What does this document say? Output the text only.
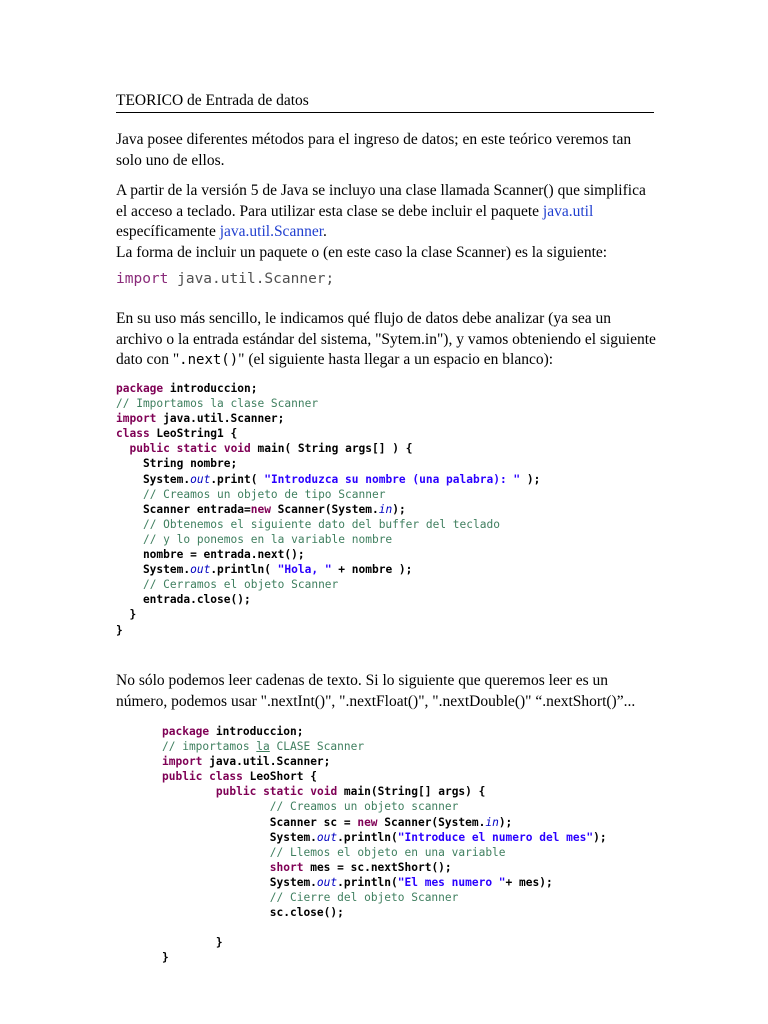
TEORICO de Entrada de datos
Java posee diferentes métodos para el ingreso de datos; en este teórico veremos tan solo uno de ellos.
A partir de la versión 5 de Java se incluyo una clase llamada Scanner() que simplifica el acceso a teclado. Para utilizar esta clase se debe incluir el paquete java.util específicamente java.util.Scanner.
La forma de incluir un paquete o (en este caso la clase Scanner) es la siguiente:
import java.util.Scanner;
En su uso más sencillo, le indicamos qué flujo de datos debe analizar (ya sea un archivo o la entrada estándar del sistema, "Sytem.in"), y vamos obteniendo el siguiente dato con ".next()" (el siguiente hasta llegar a un espacio en blanco):
package introduccion;
// Importamos la clase Scanner
import java.util.Scanner;
class LeoString1 {
public static void main( String args[] ) {
String nombre;
System.out.print( "Introduzca su nombre (una palabra): " );
// Creamos un objeto de tipo Scanner
Scanner entrada=new Scanner(System.in);
// Obtenemos el siguiente dato del buffer del teclado
// y lo ponemos en la variable nombre
nombre = entrada.next();
System.out.println( "Hola, " + nombre );
// Cerramos el objeto Scanner
entrada.close();
}
}
No sólo podemos leer cadenas de texto. Si lo siguiente que queremos leer es un número, podemos usar ".nextInt()", ".nextFloat()", ".nextDouble()" “.nextShort()”...
package introduccion;
// importamos la CLASE Scanner
import java.util.Scanner;
public class LeoShort {
public static void main(String[] args) {
// Creamos un objeto scanner
Scanner sc = new Scanner(System.in);
System.out.println("Introduce el numero del mes");
// Llemos el objeto en una variable
short mes = sc.nextShort();
System.out.println("El mes numero "+ mes);
// Cierre del objeto Scanner
sc.close();
}
}
